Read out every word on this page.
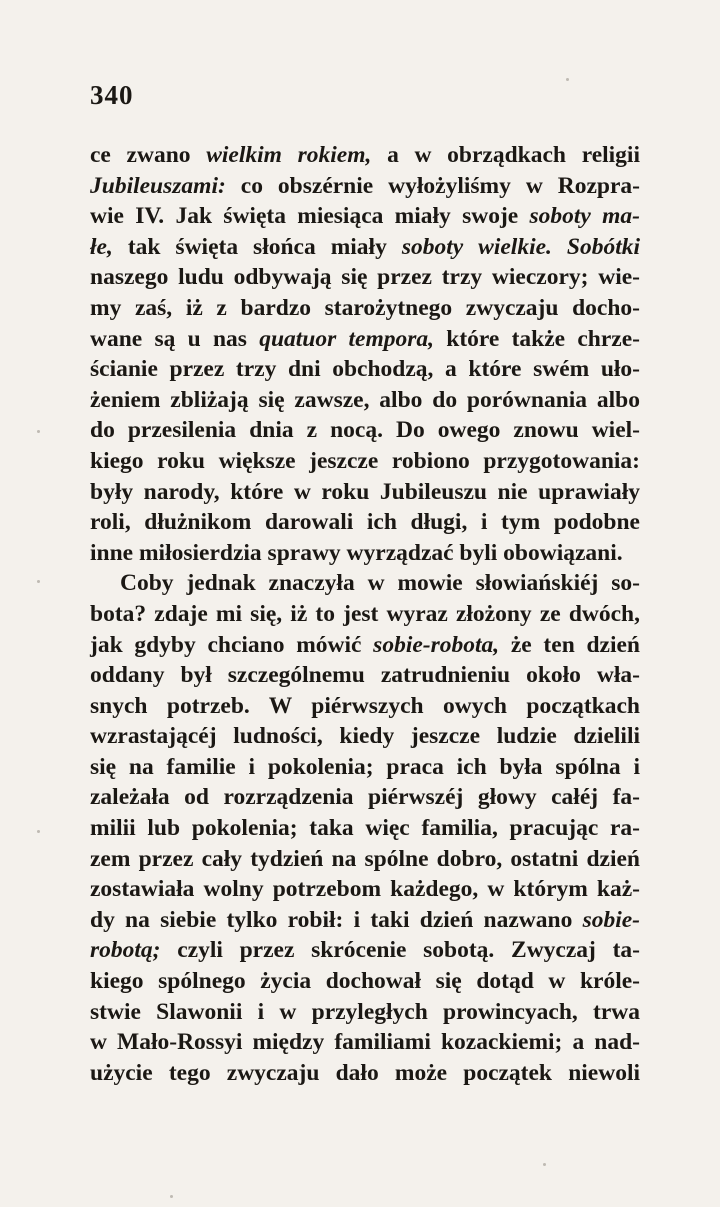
340
ce zwano wielkim rokiem, a w obrządkach religii
Jubileuszami: co obszérnie wyłożyliśmy w Rozpra-
wie IV. Jak święta miesiąca miały swoje soboty ma-
łe, tak święta słońca miały soboty wielkie. Sobótki
naszego ludu odbywają się przez trzy wieczory; wie-
my zaś, iż z bardzo starożytnego zwyczaju docho-
wane są u nas quatuor tempora, które także chrze-
ścianie przez trzy dni obchodzą, a które swém uło-
żeniem zbliżają się zawsze, albo do porównania albo
do przesilenia dnia z nocą. Do owego znowu wiel-
kiego roku większe jeszcze robiono przygotowania:
były narody, które w roku Jubileuszu nie uprawiały
roli, dłużnikom darowali ich długi, i tym podobne
inne miłosierdzia sprawy wyrządzać byli obowiązani.
Coby jednak znaczyła w mowie słowiańskiéj so-
bota? zdaje mi się, iż to jest wyraz złożony ze dwóch,
jak gdyby chciano mówić sobie-robota, że ten dzień
oddany był szczególnemu zatrudnieniu około wła-
snych potrzeb. W piérwszych owych początkach
wzrastającéj ludności, kiedy jeszcze ludzie dzielili
się na familie i pokolenia; praca ich była spólna i
zależała od rozrządzenia piérwszéj głowy całéj fa-
milii lub pokolenia; taka więc familia, pracując ra-
zem przez cały tydzień na spólne dobro, ostatni dzień
zostawiała wolny potrzebom każdego, w którym każ-
dy na siebie tylko robił: i taki dzień nazwano sobie-
robotą; czyli przez skrócenie sobotą. Zwyczaj ta-
kiego spólnego życia dochował się dotąd w króle-
stwie Slawonii i w przyległych prowincyach, trwa
w Mało-Rossyi między familiami kozackiemi; a nad-
użycie tego zwyczaju dało może początek niewoli
